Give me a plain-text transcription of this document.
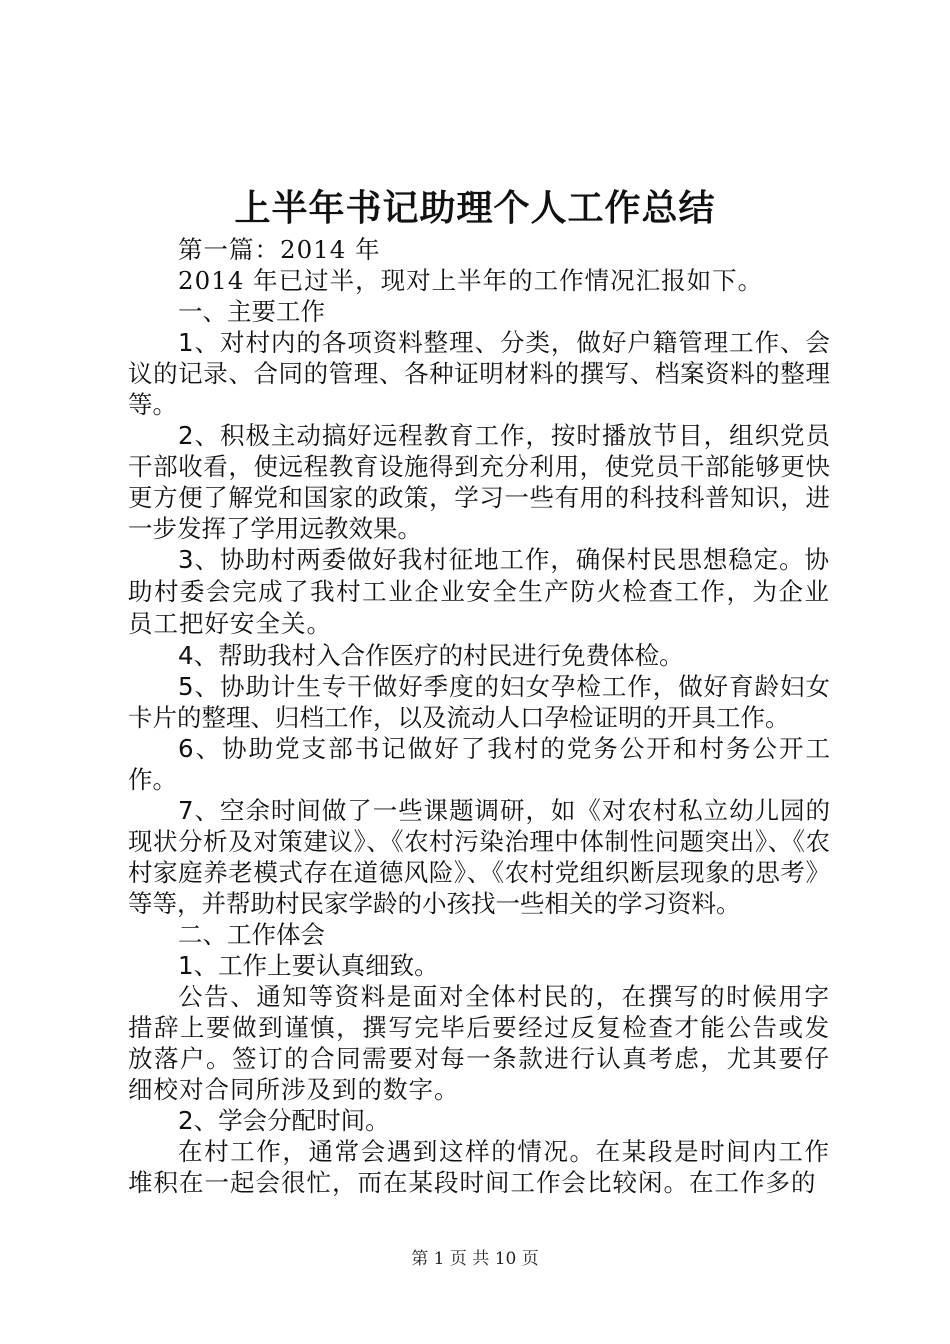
上半年书记助理个人工作总结

第一篇：2014 年

2014 年已过半，现对上半年的工作情况汇报如下。

一、主要工作

1、对村内的各项资料整理、分类，做好户籍管理工作、会议的记录、合同的管理、各种证明材料的撰写、档案资料的整理等。

2、积极主动搞好远程教育工作，按时播放节目，组织党员干部收看，使远程教育设施得到充分利用，使党员干部能够更快更方便了解党和国家的政策，学习一些有用的科技科普知识，进一步发挥了学用远教效果。

3、协助村两委做好我村征地工作，确保村民思想稳定。协助村委会完成了我村工业企业安全生产防火检查工作，为企业员工把好安全关。

4、帮助我村入合作医疗的村民进行免费体检。

5、协助计生专干做好季度的妇女孕检工作，做好育龄妇女卡片的整理、归档工作，以及流动人口孕检证明的开具工作。

6、协助党支部书记做好了我村的党务公开和村务公开工作。

7、空余时间做了一些课题调研，如《对农村私立幼儿园的现状分析及对策建议》、《农村污染治理中体制性问题突出》、《农村家庭养老模式存在道德风险》、《农村党组织断层现象的思考》等等，并帮助村民家学龄的小孩找一些相关的学习资料。

二、工作体会

1、工作上要认真细致。

公告、通知等资料是面对全体村民的，在撰写的时候用字措辞上要做到谨慎，撰写完毕后要经过反复检查才能公告或发放落户。签订的合同需要对每一条款进行认真考虑，尤其要仔细校对合同所涉及到的数字。

2、学会分配时间。

在村工作，通常会遇到这样的情况。在某段是时间内工作堆积在一起会很忙，而在某段时间工作会比较闲。在工作多的

第 1 页 共 10 页
